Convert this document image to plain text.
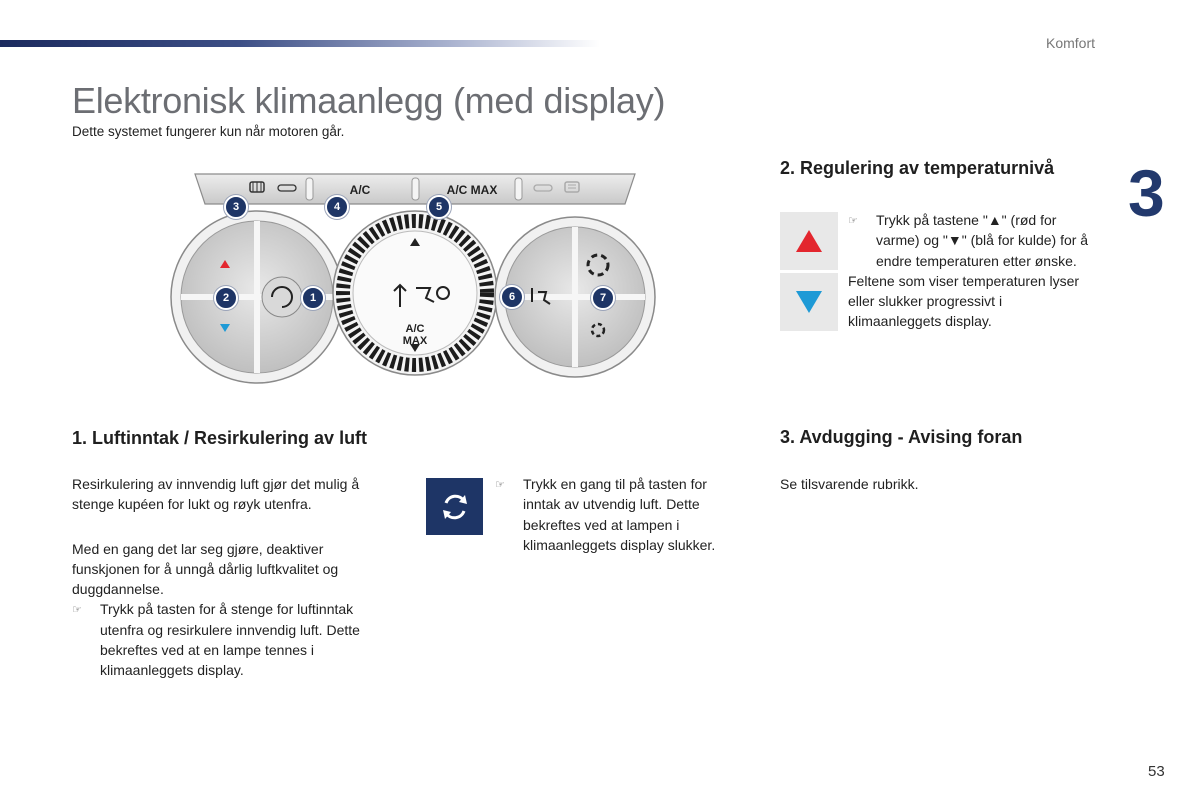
Komfort
Elektronisk klimaanlegg (med display)
Dette systemet fungerer kun når motoren går.
3
A/C	A/C MAX
A/C
MAX
1
2
3	4	5
6	7
2. Regulering av temperaturnivå
☞ Trykk på tastene "▲" (rød for varme) og "▼" (blå for kulde) for å endre temperaturen etter ønske.

Feltene som viser temperaturen lyser eller slukker progressivt i klimaanleggets display.

1. Luftinntak / Resirkulering av luft

Resirkulering av innvendig luft gjør det mulig å stenge kupéen for lukt og røyk utenfra.

Med en gang det lar seg gjøre, deaktiver funskjonen for å unngå dårlig luftkvalitet og duggdannelse.

☞ Trykk på tasten for å stenge for luftinntak utenfra og resirkulere innvendig luft. Dette bekreftes ved at en lampe tennes i klimaanleggets display.
☞ Trykk en gang til på tasten for inntak av utvendig luft. Dette bekreftes ved at lampen i klimaanleggets display slukker.
3. Avdugging - Avising foran

Se tilsvarende rubrikk.

53
